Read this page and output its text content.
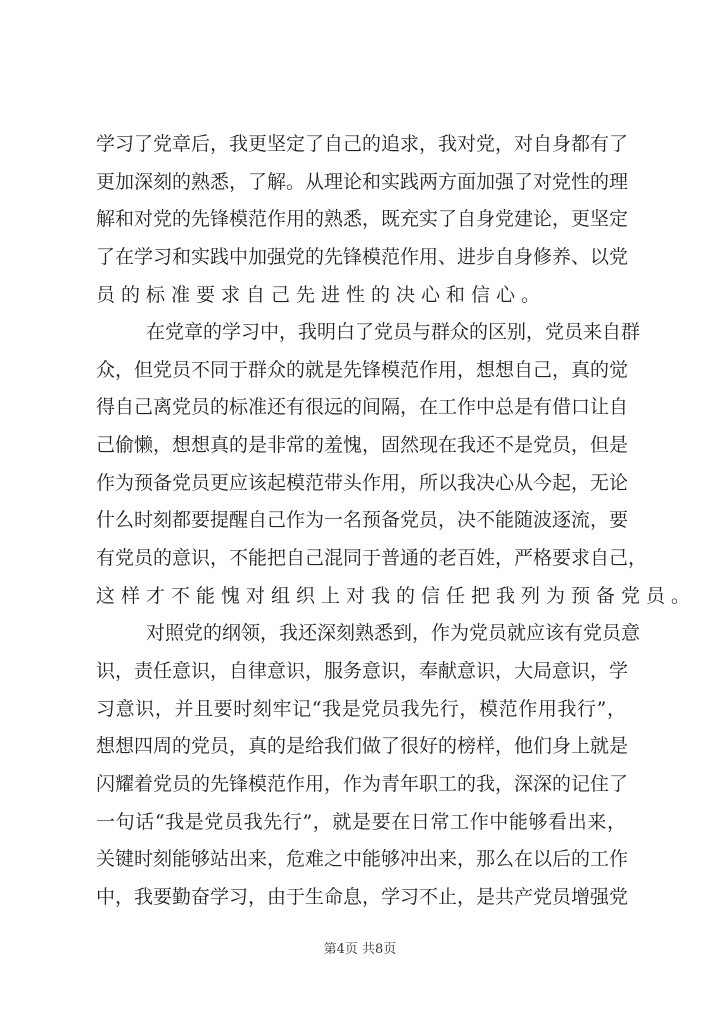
学习了党章后，我更坚定了自己的追求，我对党，对自身都有了
更加深刻的熟悉，了解。从理论和实践两方面加强了对党性的理
解和对党的先锋模范作用的熟悉，既充实了自身党建论，更坚定
了在学习和实践中加强党的先锋模范作用、进步自身修养、以党
员的标准要求自己先进性的决心和信心。
在党章的学习中，我明白了党员与群众的区别，党员来自群
众，但党员不同于群众的就是先锋模范作用，想想自己，真的觉
得自己离党员的标准还有很远的间隔，在工作中总是有借口让自
己偷懒，想想真的是非常的羞愧，固然现在我还不是党员，但是
作为预备党员更应该起模范带头作用，所以我决心从今起，无论
什么时刻都要提醒自己作为一名预备党员，决不能随波逐流，要
有党员的意识，不能把自己混同于普通的老百姓，严格要求自己，
这样才不能愧对组织上对我的信任把我列为预备党员。
对照党的纲领，我还深刻熟悉到，作为党员就应该有党员意
识，责任意识，自律意识，服务意识，奉献意识，大局意识，学
习意识，并且要时刻牢记“我是党员我先行，模范作用我行”，
想想四周的党员，真的是给我们做了很好的榜样，他们身上就是
闪耀着党员的先锋模范作用，作为青年职工的我，深深的记住了
一句话“我是党员我先行”，就是要在日常工作中能够看出来，
关键时刻能够站出来，危难之中能够冲出来，那么在以后的工作
中，我要勤奋学习，由于生命息，学习不止，是共产党员增强党
第4页 共8页
